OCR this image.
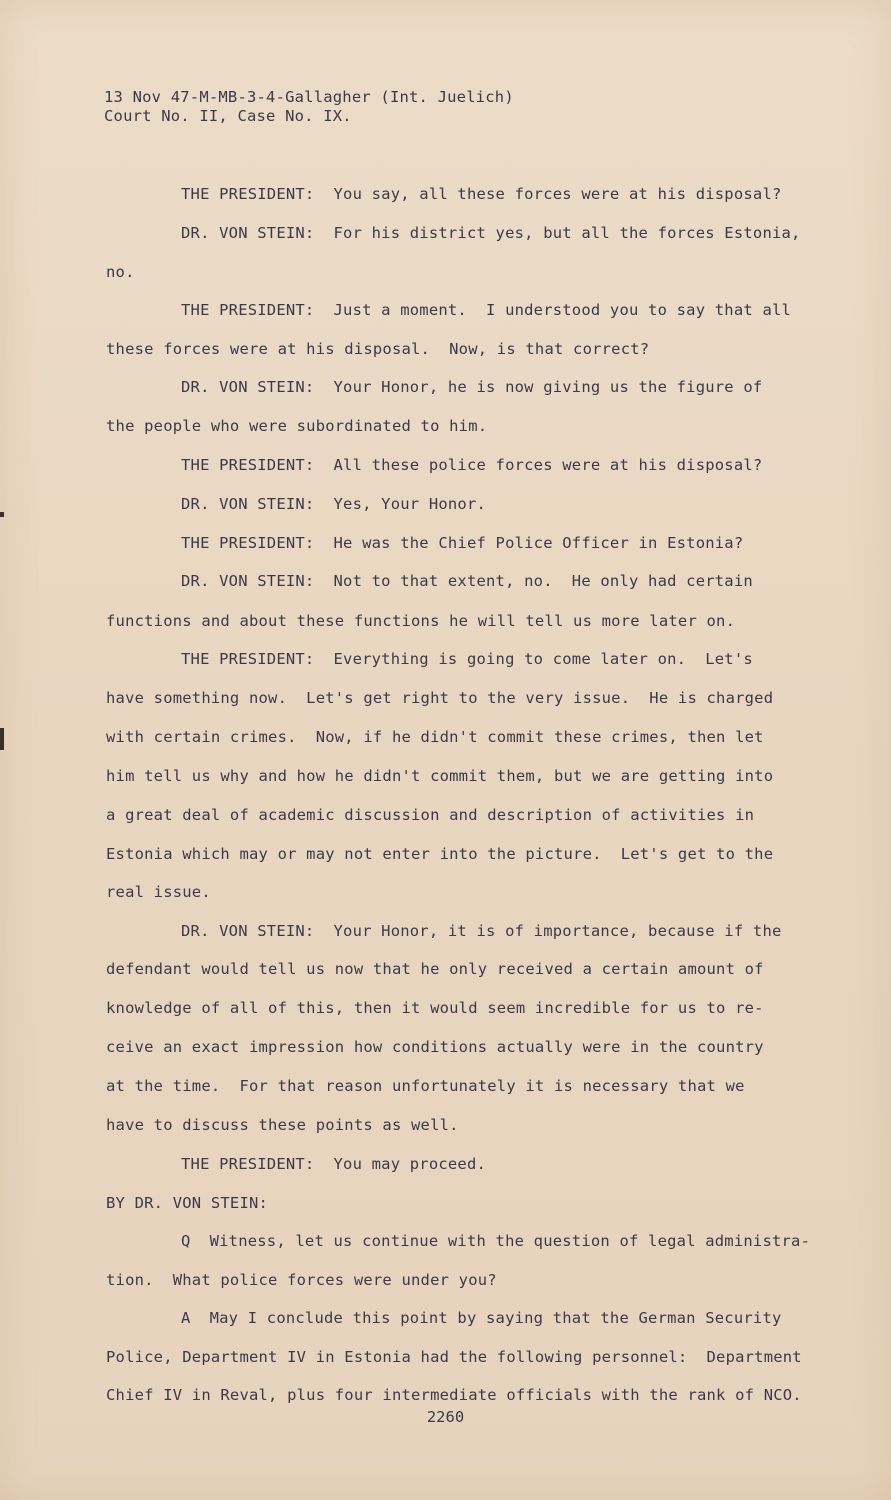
13 Nov 47-M-MB-3-4-Gallagher (Int. Juelich)
Court No. II, Case No. IX.
THE PRESIDENT:  You say, all these forces were at his disposal?
DR. VON STEIN:  For his district yes, but all the forces Estonia,
no.
THE PRESIDENT:  Just a moment.  I understood you to say that all
these forces were at his disposal.  Now, is that correct?
DR. VON STEIN:  Your Honor, he is now giving us the figure of
the people who were subordinated to him.
THE PRESIDENT:  All these police forces were at his disposal?
DR. VON STEIN:  Yes, Your Honor.
THE PRESIDENT:  He was the Chief Police Officer in Estonia?
DR. VON STEIN:  Not to that extent, no.  He only had certain
functions and about these functions he will tell us more later on.
THE PRESIDENT:  Everything is going to come later on.  Let's
have something now.  Let's get right to the very issue.  He is charged
with certain crimes.  Now, if he didn't commit these crimes, then let
him tell us why and how he didn't commit them, but we are getting into
a great deal of academic discussion and description of activities in
Estonia which may or may not enter into the picture.  Let's get to the
real issue.
DR. VON STEIN:  Your Honor, it is of importance, because if the
defendant would tell us now that he only received a certain amount of
knowledge of all of this, then it would seem incredible for us to re-
ceive an exact impression how conditions actually were in the country
at the time.  For that reason unfortunately it is necessary that we
have to discuss these points as well.
THE PRESIDENT:  You may proceed.
BY DR. VON STEIN:
Q  Witness, let us continue with the question of legal administra-
tion.  What police forces were under you?
A  May I conclude this point by saying that the German Security
Police, Department IV in Estonia had the following personnel:  Department
Chief IV in Reval, plus four intermediate officials with the rank of NCO.
2260
